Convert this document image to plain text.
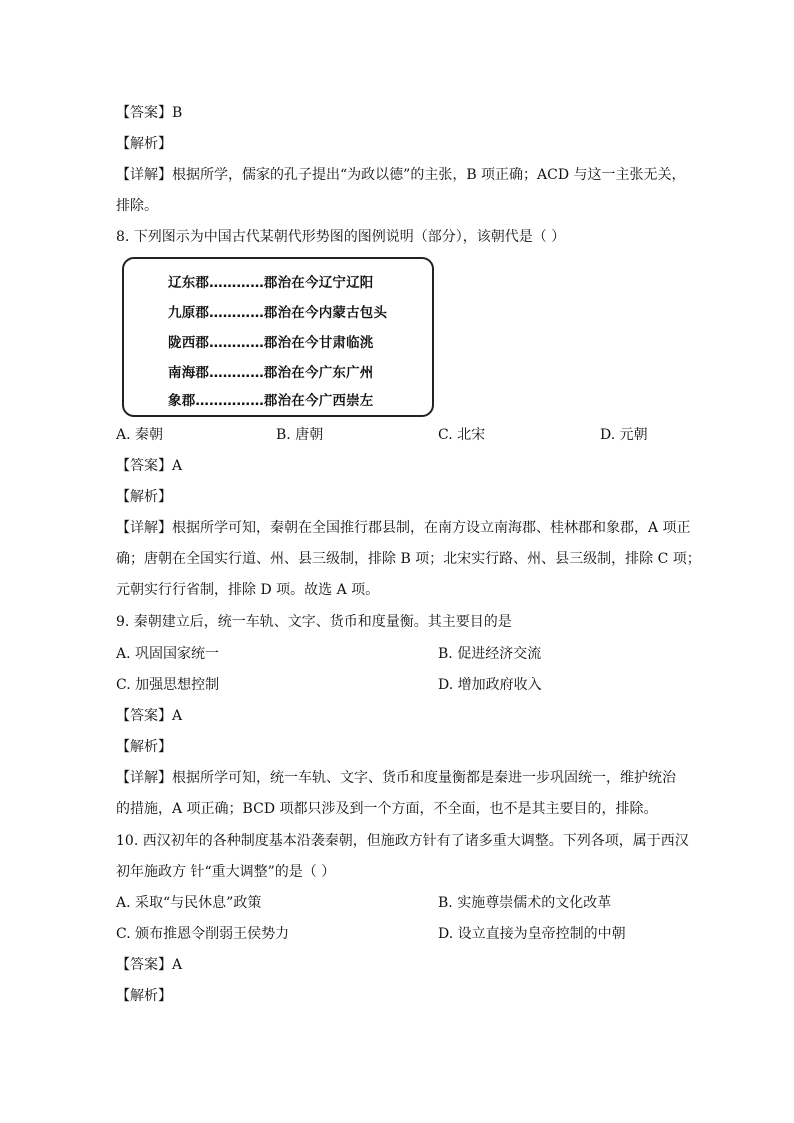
【答案】B
【解析】
【详解】根据所学，儒家的孔子提出“为政以德”的主张，B 项正确；ACD 与这一主张无关，
排除。
8. 下列图示为中国古代某朝代形势图的图例说明（部分），该朝代是（ ）
辽东郡…………郡治在今辽宁辽阳
九原郡…………郡治在今内蒙古包头
陇西郡…………郡治在今甘肃临洮
南海郡…………郡治在今广东广州
象郡……………郡治在今广西崇左
A. 秦朝	B. 唐朝	C. 北宋	D. 元朝
【答案】A
【解析】
【详解】根据所学可知，秦朝在全国推行郡县制，在南方设立南海郡、桂林郡和象郡，A 项正
确；唐朝在全国实行道、州、县三级制，排除 B 项；北宋实行路、州、县三级制，排除 C 项；
元朝实行行省制，排除 D 项。故选 A 项。
9. 秦朝建立后，统一车轨、文字、货币和度量衡。其主要目的是
A. 巩固国家统一	B. 促进经济交流
C. 加强思想控制	D. 增加政府收入
【答案】A
【解析】
【详解】根据所学可知，统一车轨、文字、货币和度量衡都是秦进一步巩固统一，维护统治
的措施，A 项正确；BCD 项都只涉及到一个方面，不全面，也不是其主要目的，排除。
10. 西汉初年的各种制度基本沿袭秦朝，但施政方针有了诸多重大调整。下列各项，属于西汉
初年施政方 针“重大调整”的是（ ）
A. 采取“与民休息”政策	B. 实施尊崇儒术的文化改革
C. 颁布推恩令削弱王侯势力	D. 设立直接为皇帝控制的中朝
【答案】A
【解析】
